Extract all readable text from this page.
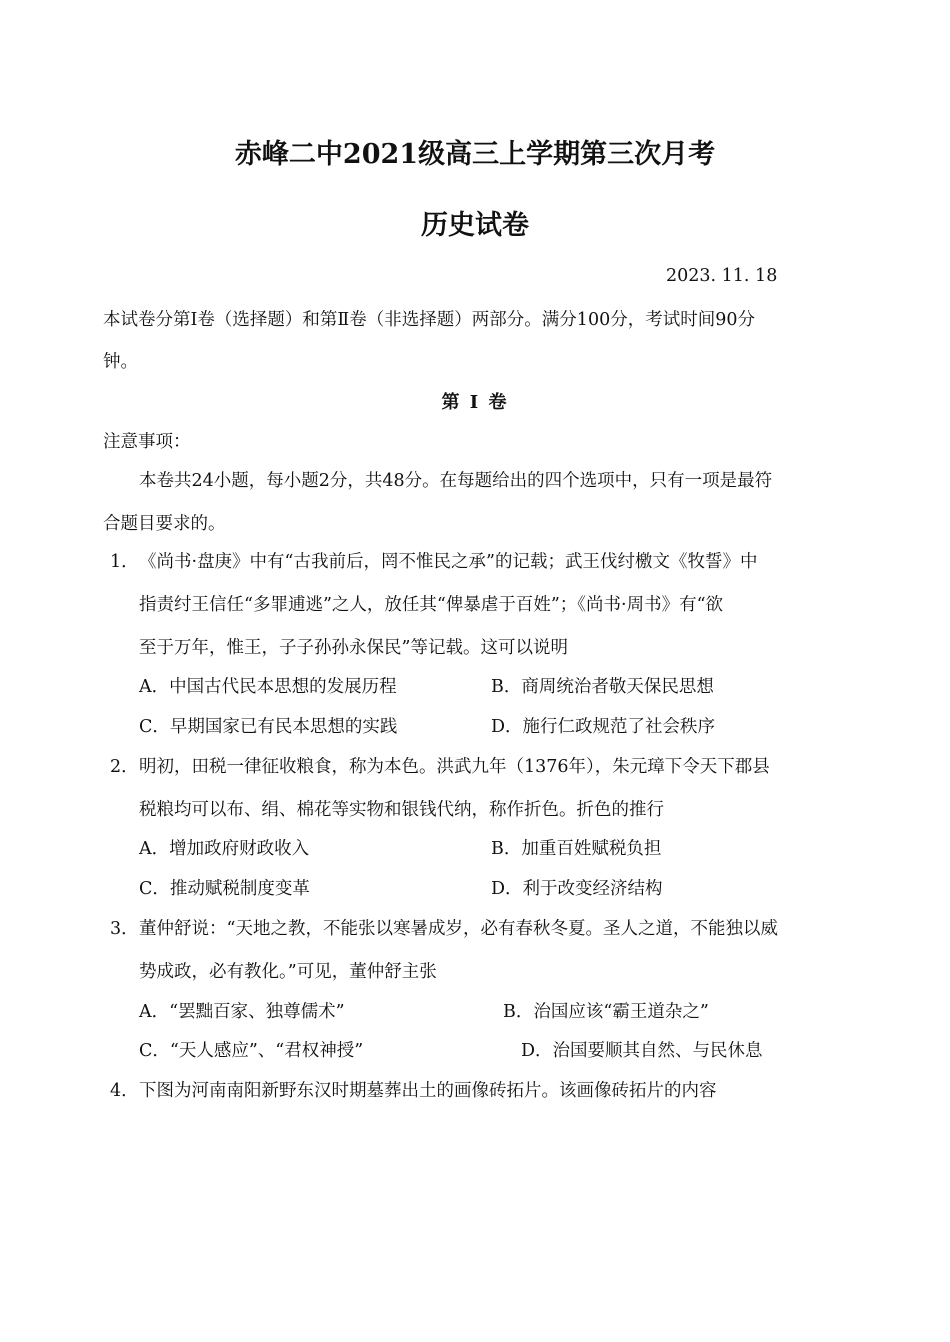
赤峰二中2021级高三上学期第三次月考
历史试卷
2023. 11. 18
本试卷分第Ⅰ卷（选择题）和第Ⅱ卷（非选择题）两部分。满分100分，考试时间90分
钟。
第 Ⅰ 卷
注意事项：
本卷共24小题，每小题2分，共48分。在每题给出的四个选项中，只有一项是最符
合题目要求的。
1． 《尚书·盘庚》中有“古我前后，罔不惟民之承”的记载；武王伐纣檄文《牧誓》中
指责纣王信任“多罪逋逃”之人，放任其“俾暴虐于百姓”；《尚书·周书》有“欲
至于万年，惟王，子子孙孙永保民”等记载。这可以说明
A．中国古代民本思想的发展历程	B．商周统治者敬天保民思想
C．早期国家已有民本思想的实践	D．施行仁政规范了社会秩序
2． 明初，田税一律征收粮食，称为本色。洪武九年（1376年），朱元璋下令天下郡县
税粮均可以布、绢、棉花等实物和银钱代纳，称作折色。折色的推行
A．增加政府财政收入	B．加重百姓赋税负担
C．推动赋税制度变革	D．利于改变经济结构
3． 董仲舒说：“天地之教，不能张以寒暑成岁，必有春秋冬夏。圣人之道，不能独以威
势成政，必有教化。”可见，董仲舒主张
A．“罢黜百家、独尊儒术”	B．治国应该“霸王道杂之”
C．“天人感应”、“君权神授”	D．治国要顺其自然、与民休息
4． 下图为河南南阳新野东汉时期墓葬出土的画像砖拓片。该画像砖拓片的内容
